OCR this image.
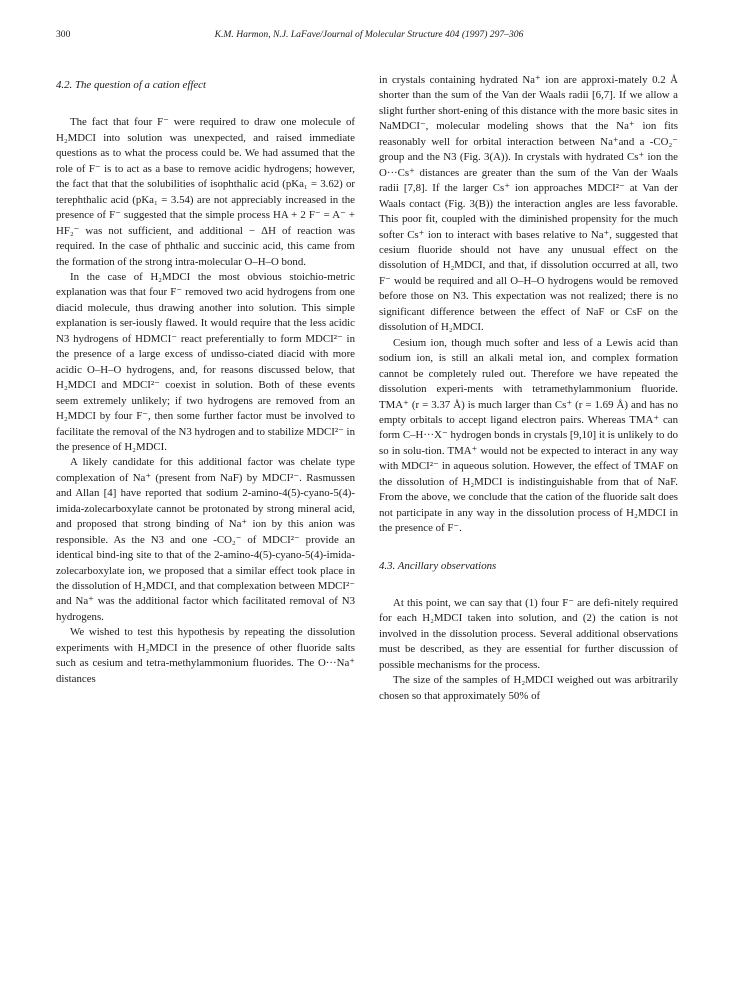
300	K.M. Harmon, N.J. LaFave/Journal of Molecular Structure 404 (1997) 297–306
4.2. The question of a cation effect

The fact that four F⁻ were required to draw one molecule of H₂MDCI into solution was unexpected, and raised immediate questions as to what the process could be. We had assumed that the role of F⁻ is to act as a base to remove acidic hydrogens; however, the fact that that the solubilities of isophthalic acid (pKa₁ = 3.62) or terephthalic acid (pKa₁ = 3.54) are not appreciably increased in the presence of F⁻ suggested that the simple process HA + 2 F⁻ = A⁻ + HF₂⁻ was not sufficient, and additional − ΔH of reaction was required. In the case of phthalic and succinic acid, this came from the formation of the strong intra-molecular O–H–O bond.

In the case of H₂MDCI the most obvious stoichio-metric explanation was that four F⁻ removed two acid hydrogens from one diacid molecule, thus drawing another into solution. This simple explanation is ser-iously flawed. It would require that the less acidic N3 hydrogens of HDMCI⁻ react preferentially to form MDCI²⁻ in the presence of a large excess of undisso-ciated diacid with more acidic O–H–O hydrogens, and, for reasons discussed below, that H₂MDCI and MDCI²⁻ coexist in solution. Both of these events seem extremely unlikely; if two hydrogens are removed from an H₂MDCI by four F⁻, then some further factor must be involved to facilitate the removal of the N3 hydrogen and to stabilize MDCI²⁻ in the presence of H₂MDCI.

A likely candidate for this additional factor was chelate type complexation of Na⁺ (present from NaF) by MDCI²⁻. Rasmussen and Allan [4] have reported that sodium 2-amino-4(5)-cyano-5(4)-imida-zolecarboxylate cannot be protonated by strong mineral acid, and proposed that strong binding of Na⁺ ion by this anion was responsible. As the N3 and one -CO₂⁻ of MDCI²⁻ provide an identical bind-ing site to that of the 2-amino-4(5)-cyano-5(4)-imida-zolecarboxylate ion, we proposed that a similar effect took place in the dissolution of H₂MDCI, and that complexation between MDCI²⁻ and Na⁺ was the additional factor which facilitated removal of N3 hydrogens.

We wished to test this hypothesis by repeating the dissolution experiments with H₂MDCI in the presence of other fluoride salts such as cesium and tetra-methylammonium fluorides. The O···Na⁺ distances

in crystals containing hydrated Na⁺ ion are approxi-mately 0.2 Å shorter than the sum of the Van der Waals radii [6,7]. If we allow a slight further short-ening of this distance with the more basic sites in NaMDCI⁻, molecular modeling shows that the Na⁺ ion fits reasonably well for orbital interaction between Na⁺and a -CO₂⁻ group and the N3 (Fig. 3(A)). In crystals with hydrated Cs⁺ ion the O···Cs⁺ distances are greater than the sum of the Van der Waals radii [7,8]. If the larger Cs⁺ ion approaches MDCI²⁻ at Van der Waals contact (Fig. 3(B)) the interaction angles are less favorable. This poor fit, coupled with the diminished propensity for the much softer Cs⁺ ion to interact with bases relative to Na⁺, suggested that cesium fluoride should not have any unusual effect on the dissolution of H₂MDCI, and that, if dissolution occurred at all, two F⁻ would be required and all O–H–O hydrogens would be removed before those on N3. This expectation was not realized; there is no significant difference between the effect of NaF or CsF on the dissolution of H₂MDCI.

Cesium ion, though much softer and less of a Lewis acid than sodium ion, is still an alkali metal ion, and complex formation cannot be completely ruled out. Therefore we have repeated the dissolution experi-ments with tetramethylammonium fluoride. TMA⁺ (r = 3.37 Å) is much larger than Cs⁺ (r = 1.69 Å) and has no empty orbitals to accept ligand electron pairs. Whereas TMA⁺ can form C–H···X⁻ hydrogen bonds in crystals [9,10] it is unlikely to do so in solu-tion. TMA⁺ would not be expected to interact in any way with MDCI²⁻ in aqueous solution. However, the effect of TMAF on the dissolution of H₂MDCI is indistinguishable from that of NaF. From the above, we conclude that the cation of the fluoride salt does not participate in any way in the dissolution process of H₂MDCI in the presence of F⁻.

4.3. Ancillary observations

At this point, we can say that (1) four F⁻ are defi-nitely required for each H₂MDCI taken into solution, and (2) the cation is not involved in the dissolution process. Several additional observations must be described, as they are essential for further discussion of possible mechanisms for the process.

The size of the samples of H₂MDCI weighed out was arbitrarily chosen so that approximately 50% of
